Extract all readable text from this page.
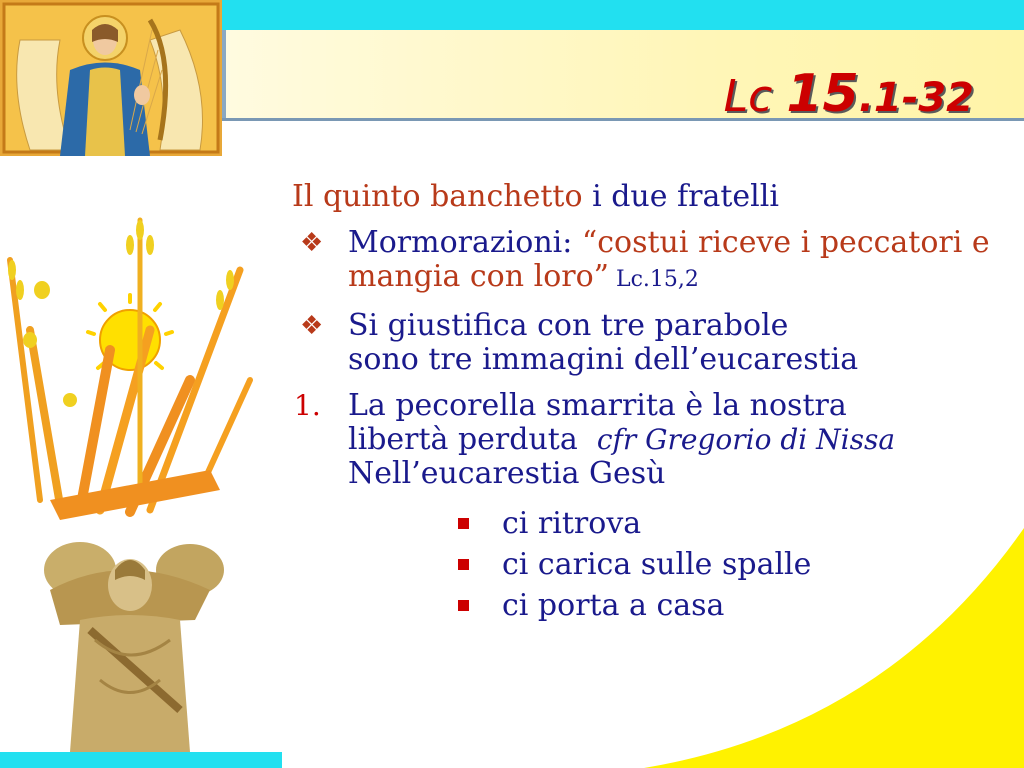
Lc 15.1-32
Il quinto banchetto i due fratelli
❖ Mormorazioni: “costui riceve i peccatori e mangia con loro” Lc.15,2
❖ Si giustifica con tre parabole
sono tre immagini dell’eucarestia
1. La pecorella smarrita è la nostra
libertà perduta cfr Gregorio di Nissa
Nell’eucarestia Gesù
ci ritrova
ci carica sulle spalle
ci porta a casa
